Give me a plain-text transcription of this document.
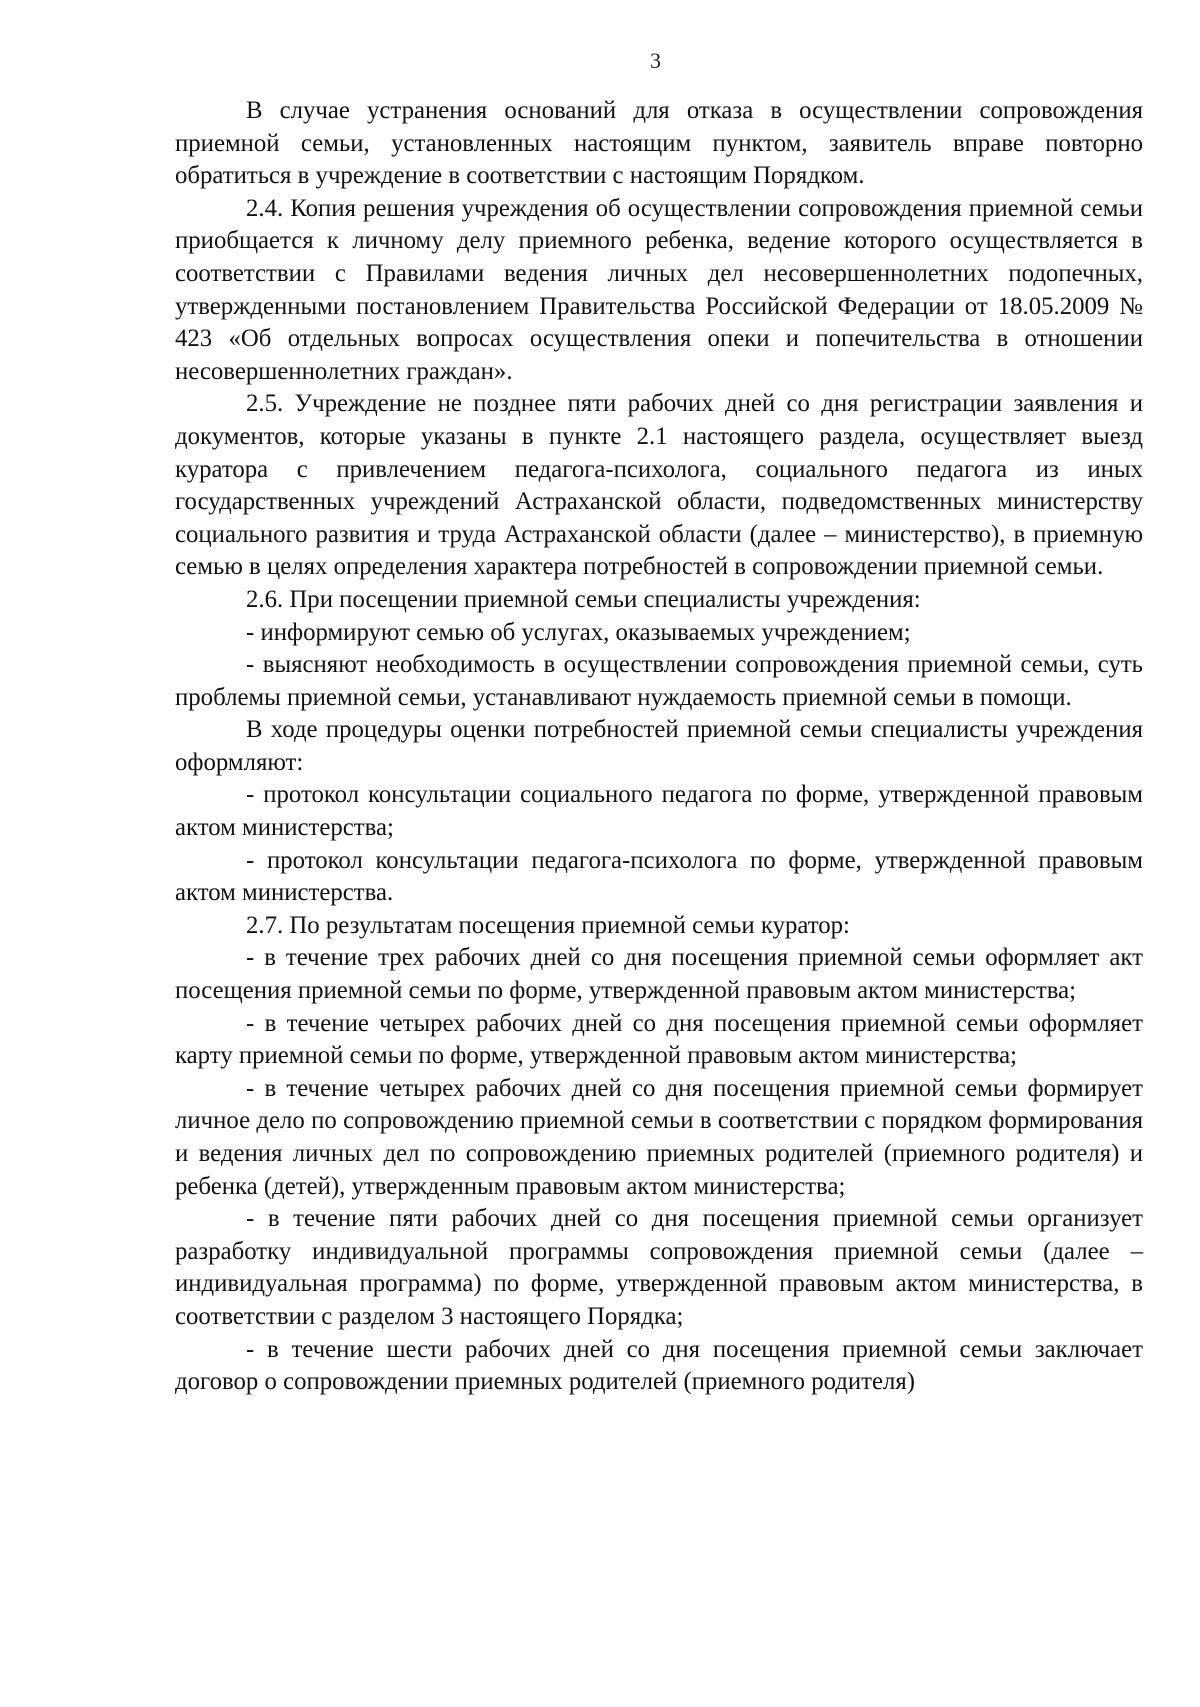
3

В случае устранения оснований для отказа в осуществлении сопровождения приемной семьи, установленных настоящим пунктом, заявитель вправе повторно обратиться в учреждение в соответствии с настоящим Порядком.

2.4. Копия решения учреждения об осуществлении сопровождения приемной семьи приобщается к личному делу приемного ребенка, ведение которого осуществляется в соответствии с Правилами ведения личных дел несовершеннолетних подопечных, утвержденными постановлением Правительства Российской Федерации от 18.05.2009 № 423 «Об отдельных вопросах осуществления опеки и попечительства в отношении несовершеннолетних граждан».

2.5. Учреждение не позднее пяти рабочих дней со дня регистрации заявления и документов, которые указаны в пункте 2.1 настоящего раздела, осуществляет выезд куратора с привлечением педагога-психолога, социального педагога из иных государственных учреждений Астраханской области, подведомственных министерству социального развития и труда Астраханской области (далее – министерство), в приемную семью в целях определения характера потребностей в сопровождении приемной семьи.

2.6. При посещении приемной семьи специалисты учреждения:

- информируют семью об услугах, оказываемых учреждением;

- выясняют необходимость в осуществлении сопровождения приемной семьи, суть проблемы приемной семьи, устанавливают нуждаемость приемной семьи в помощи.

В ходе процедуры оценки потребностей приемной семьи специалисты учреждения оформляют:

- протокол консультации социального педагога по форме, утвержденной правовым актом министерства;

- протокол консультации педагога-психолога по форме, утвержденной правовым актом министерства.

2.7. По результатам посещения приемной семьи куратор:

- в течение трех рабочих дней со дня посещения приемной семьи оформляет акт посещения приемной семьи по форме, утвержденной правовым актом министерства;

- в течение четырех рабочих дней со дня посещения приемной семьи оформляет карту приемной семьи по форме, утвержденной правовым актом министерства;

- в течение четырех рабочих дней со дня посещения приемной семьи формирует личное дело по сопровождению приемной семьи в соответствии с порядком формирования и ведения личных дел по сопровождению приемных родителей (приемного родителя) и ребенка (детей), утвержденным правовым актом министерства;

- в течение пяти рабочих дней со дня посещения приемной семьи организует разработку индивидуальной программы сопровождения приемной семьи (далее – индивидуальная программа) по форме, утвержденной правовым актом министерства, в соответствии с разделом 3 настоящего Порядка;

- в течение шести рабочих дней со дня посещения приемной семьи заключает договор о сопровождении приемных родителей (приемного родителя)
